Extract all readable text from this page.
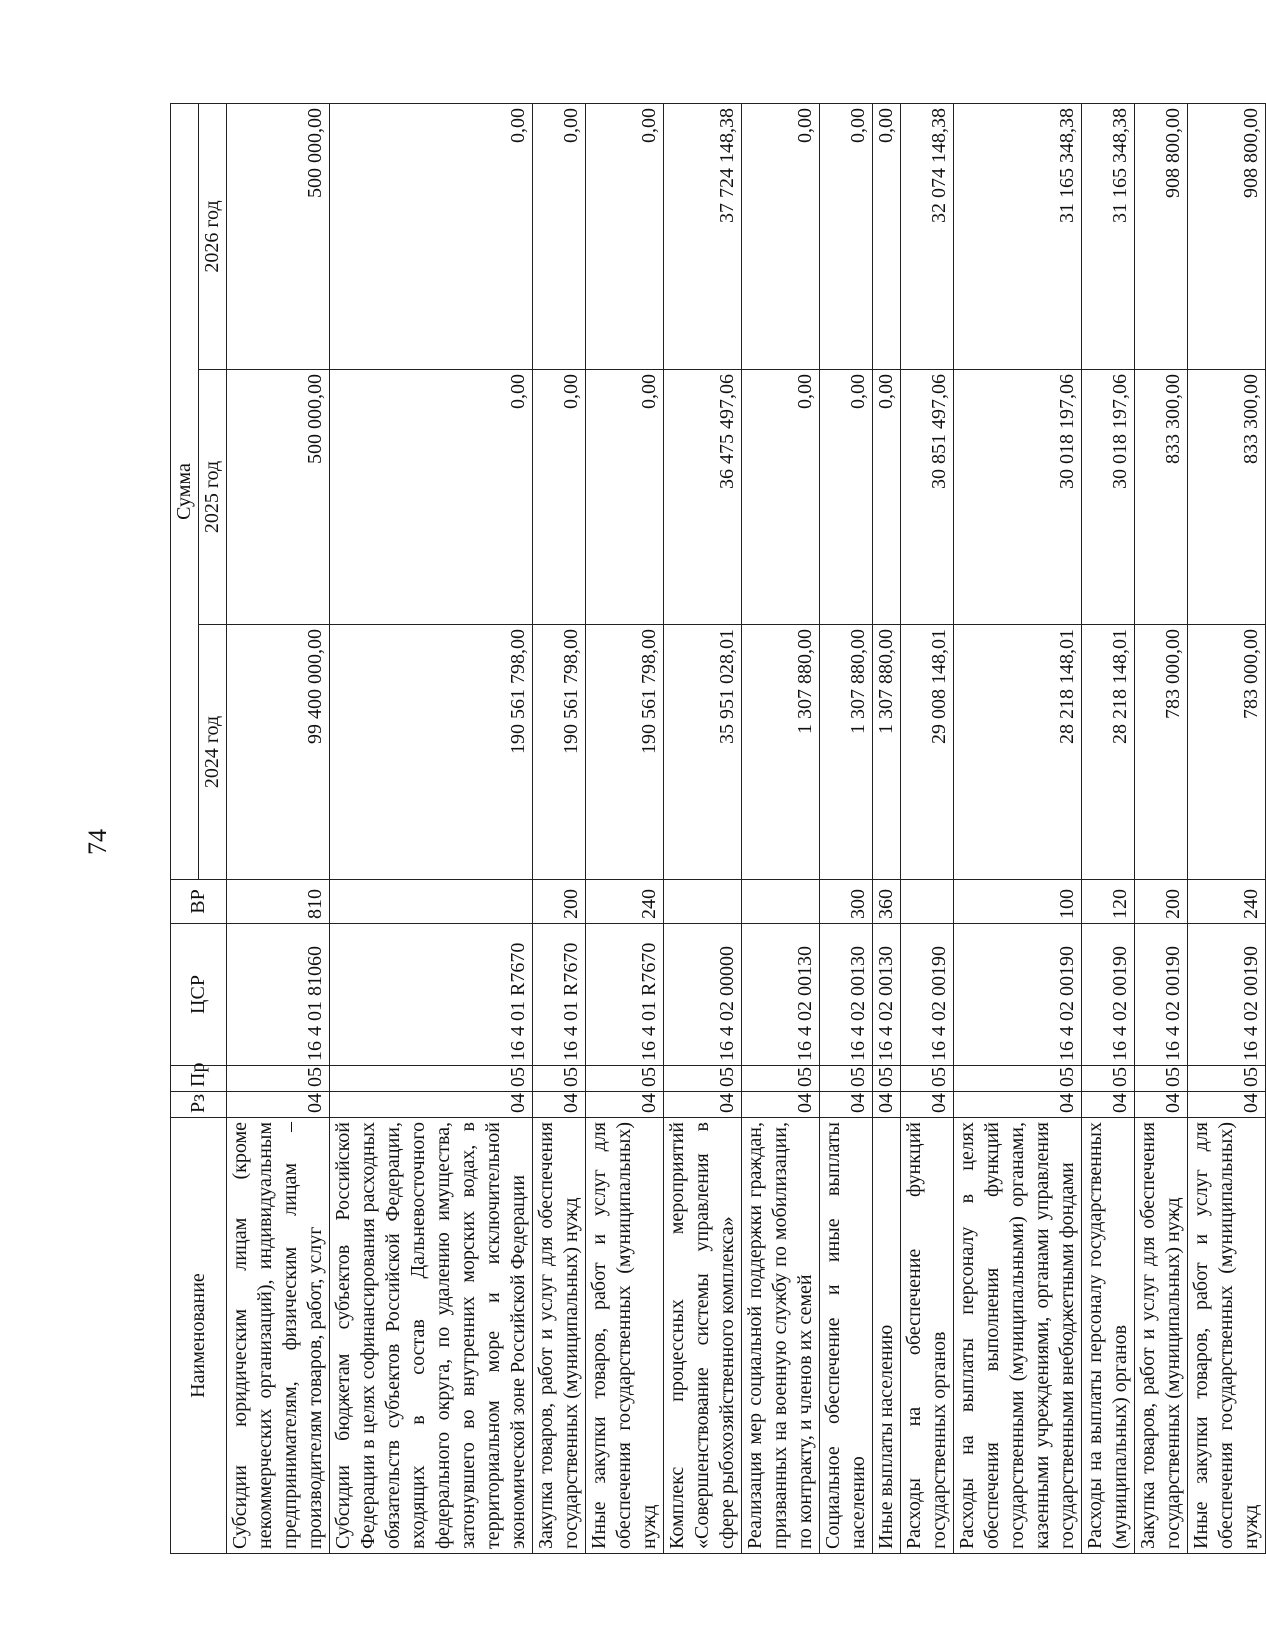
74
Наименование	Рз	Пр	ЦСР	ВР	Сумма		
					2024 год	2025 год	2026 год
Субсидии юридическим лицам (кроме некоммерческих организаций), индивидуальным предпринимателям, физическим лицам – производителям товаров, работ, услуг	04	05	16 4 01 81060	810	99 400 000,00	500 000,00	500 000,00
Субсидии бюджетам субъектов Российской Федерации в целях софинансирования расходных обязательств субъектов Российской Федерации, входящих в состав Дальневосточного федерального округа, по удалению имущества, затонувшего во внутренних морских водах, в территориальном море и исключительной экономической зоне Российской Федерации	04	05	16 4 01 R7670		190 561 798,00	0,00	0,00
Закупка товаров, работ и услуг для обеспечения государственных (муниципальных) нужд	04	05	16 4 01 R7670	200	190 561 798,00	0,00	0,00
Иные закупки товаров, работ и услуг для обеспечения государственных (муниципальных) нужд	04	05	16 4 01 R7670	240	190 561 798,00	0,00	0,00
Комплекс процессных мероприятий «Совершенствование системы управления в сфере рыбохозяйственного комплекса»	04	05	16 4 02 00000		35 951 028,01	36 475 497,06	37 724 148,38
Реализация мер социальной поддержки граждан, призванных на военную службу по мобилизации, по контракту, и членов их семей	04	05	16 4 02 00130		1 307 880,00	0,00	0,00
Социальное обеспечение и иные выплаты населению	04	05	16 4 02 00130	300	1 307 880,00	0,00	0,00
Иные выплаты населению	04	05	16 4 02 00130	360	1 307 880,00	0,00	0,00
Расходы на обеспечение функций государственных органов	04	05	16 4 02 00190		29 008 148,01	30 851 497,06	32 074 148,38
Расходы на выплаты персоналу в целях обеспечения выполнения функций государственными (муниципальными) органами, казенными учреждениями, органами управления государственными внебюджетными фондами	04	05	16 4 02 00190	100	28 218 148,01	30 018 197,06	31 165 348,38
Расходы на выплаты персоналу государственных (муниципальных) органов	04	05	16 4 02 00190	120	28 218 148,01	30 018 197,06	31 165 348,38
Закупка товаров, работ и услуг для обеспечения государственных (муниципальных) нужд	04	05	16 4 02 00190	200	783 000,00	833 300,00	908 800,00
Иные закупки товаров, работ и услуг для обеспечения государственных (муниципальных) нужд	04	05	16 4 02 00190	240	783 000,00	833 300,00	908 800,00
